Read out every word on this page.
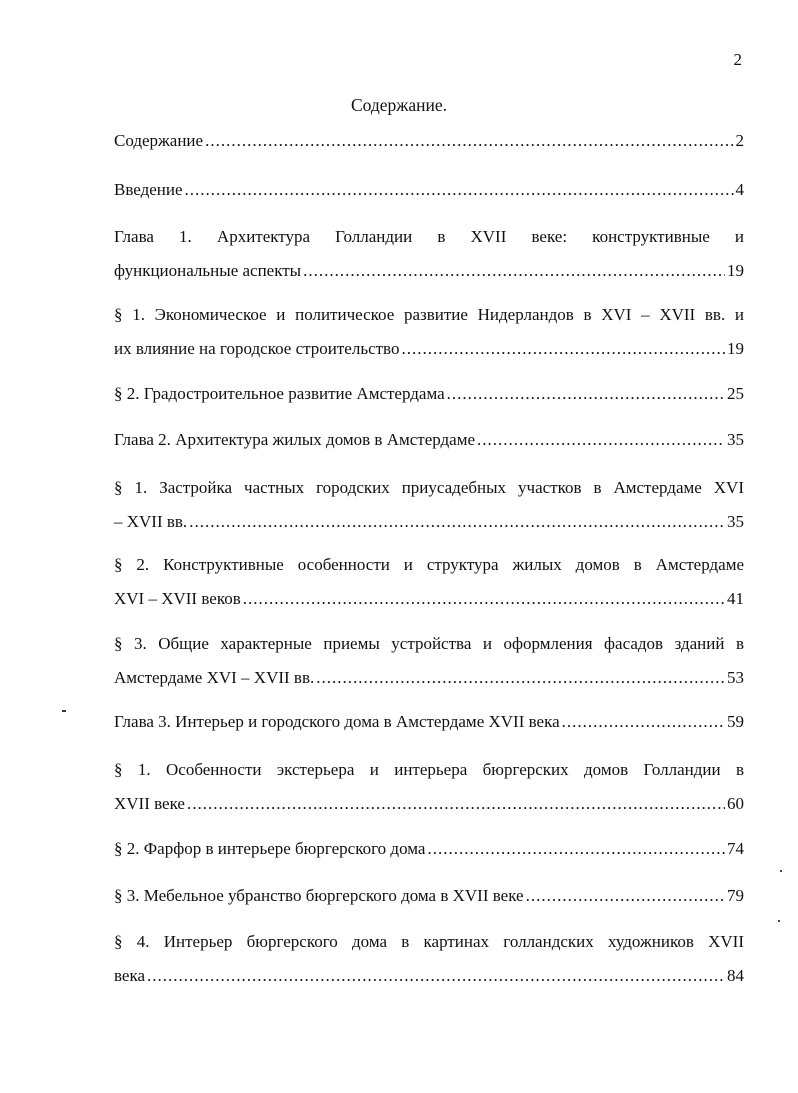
2
Содержание.
Содержание .....	2
Введение .....	4
Глава 1. Архитектура Голландии в XVII веке: конструктивные и
функциональные аспекты .....	19
§ 1. Экономическое и политическое развитие Нидерландов в XVI – XVII вв. и
их влияние на городское строительство .....	19
§ 2. Градостроительное развитие Амстердама .....	25
Глава 2. Архитектура жилых домов в Амстердаме .....	35
§ 1. Застройка частных городских приусадебных участков в Амстердаме XVI
– XVII вв. .....	35
§ 2. Конструктивные особенности и структура жилых домов в Амстердаме
XVI – XVII веков .....	41
§ 3. Общие характерные приемы устройства и оформления фасадов зданий в
Амстердаме XVI – XVII вв. .....	53
Глава 3. Интерьер и городского дома в Амстердаме XVII века .....	59
§ 1. Особенности экстерьера и интерьера бюргерских домов Голландии в
XVII веке .....	60
§ 2. Фарфор в интерьере бюргерского дома .....	74
§ 3. Мебельное убранство бюргерского дома в XVII веке .....	79
§ 4. Интерьер бюргерского дома в картинах голландских художников XVII
века .....	84
